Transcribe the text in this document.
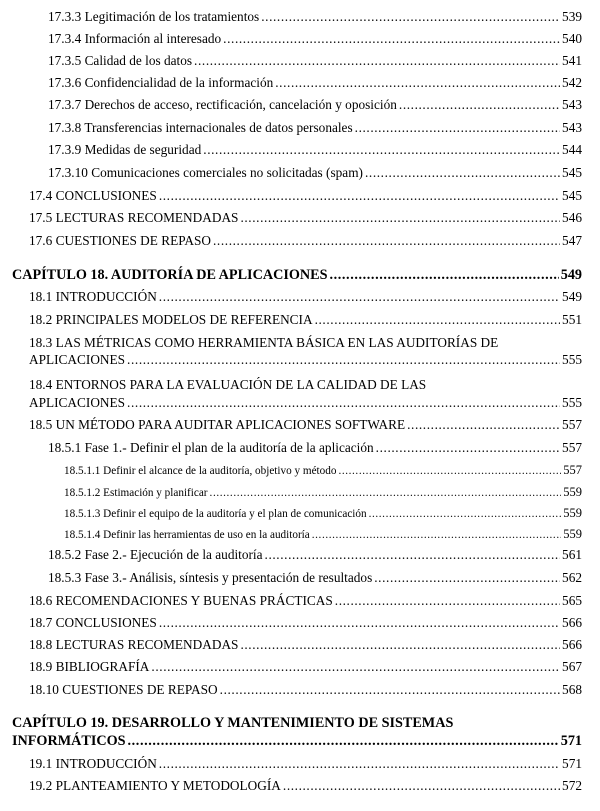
17.3.3 Legitimación de los tratamientos .....	539
17.3.4 Información al interesado .....	540
17.3.5 Calidad de los datos .....	541
17.3.6 Confidencialidad de la información .....	542
17.3.7 Derechos de acceso, rectificación, cancelación y oposición .....	543
17.3.8 Transferencias internacionales de datos personales .....	543
17.3.9 Medidas de seguridad .....	544
17.3.10 Comunicaciones comerciales no solicitadas (spam) .....	545
17.4 CONCLUSIONES .....	545
17.5 LECTURAS RECOMENDADAS .....	546
17.6 CUESTIONES DE REPASO .....	547
CAPÍTULO 18. AUDITORÍA DE APLICACIONES .....	549
18.1 INTRODUCCIÓN .....	549
18.2 PRINCIPALES MODELOS DE REFERENCIA .....	551
18.3 LAS MÉTRICAS COMO HERRAMIENTA BÁSICA EN LAS AUDITORÍAS DE
APLICACIONES .....	555
18.4 ENTORNOS PARA LA EVALUACIÓN DE LA CALIDAD DE LAS
APLICACIONES .....	555
18.5 UN MÉTODO PARA AUDITAR APLICACIONES SOFTWARE .....	557
18.5.1 Fase 1.- Definir el plan de la auditoría de la aplicación .....	557
18.5.1.1 Definir el alcance de la auditoría, objetivo y método .....	557
18.5.1.2 Estimación y planificar .....	559
18.5.1.3 Definir el equipo de la auditoría y el plan de comunicación .....	559
18.5.1.4 Definir las herramientas de uso en la auditoría .....	559
18.5.2 Fase 2.- Ejecución de la auditoría .....	561
18.5.3 Fase 3.- Análisis, síntesis y presentación de resultados .....	562
18.6 RECOMENDACIONES Y BUENAS PRÁCTICAS .....	565
18.7 CONCLUSIONES .....	566
18.8 LECTURAS RECOMENDADAS .....	566
18.9 BIBLIOGRAFÍA .....	567
18.10 CUESTIONES DE REPASO .....	568
CAPÍTULO 19. DESARROLLO Y MANTENIMIENTO DE SISTEMAS
INFORMÁTICOS .....	571
19.1 INTRODUCCIÓN .....	571
19.2 PLANTEAMIENTO Y METODOLOGÍA .....	572
